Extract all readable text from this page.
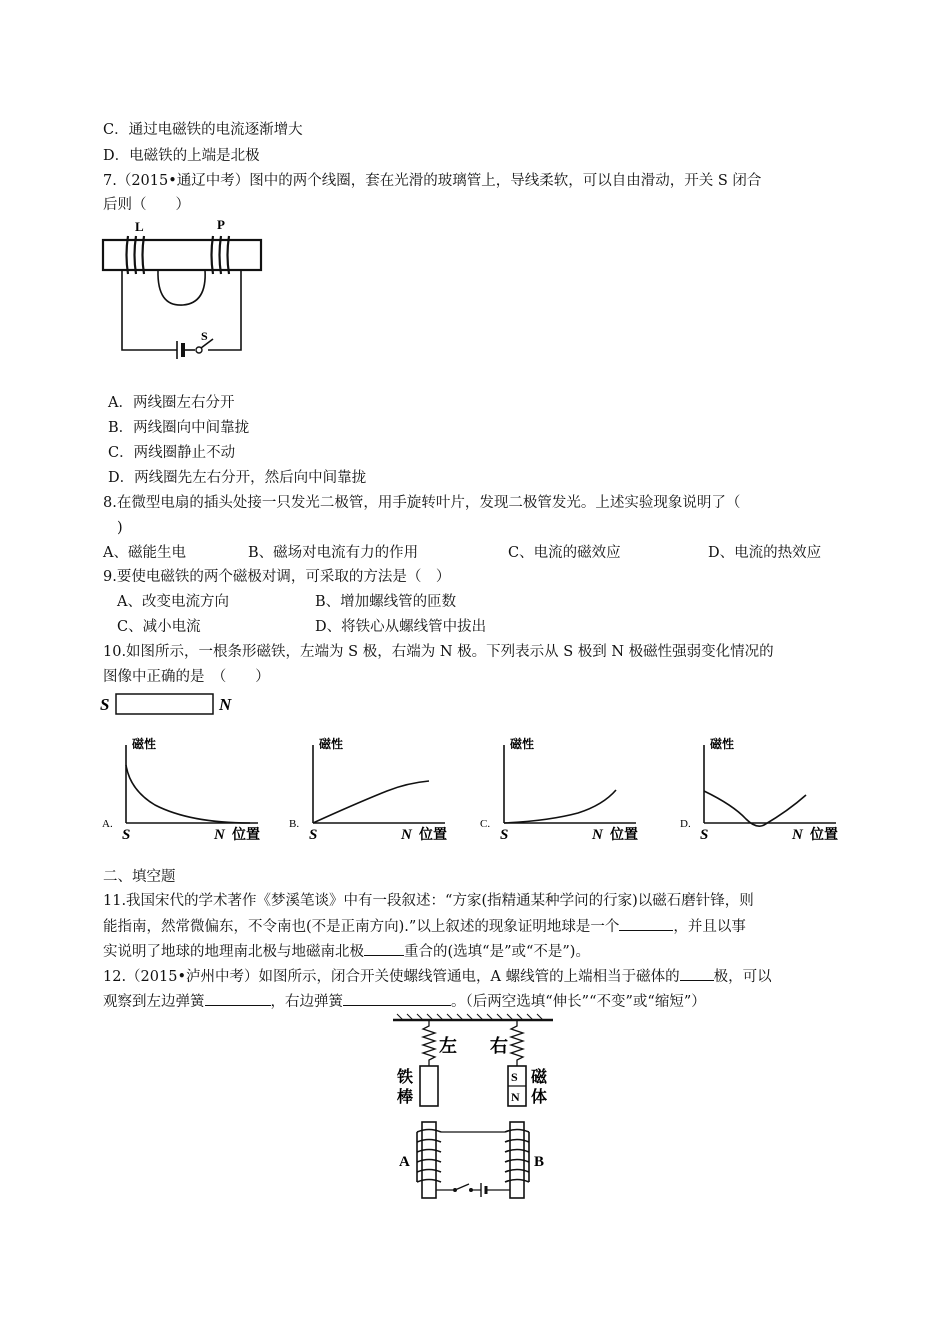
C．通过电磁铁的电流逐渐增大
D．电磁铁的上端是北极
7.（2015•通辽中考）图中的两个线圈，套在光滑的玻璃管上，导线柔软，可以自由滑动，开关 S 闭合
后则（　　）
L	P
S
A．两线圈左右分开
B．两线圈向中间靠拢
C．两线圈静止不动
D．两线圈先左右分开，然后向中间靠拢
8.在微型电扇的插头处接一只发光二极管，用手旋转叶片，发现二极管发光。上述实验现象说明了（
)
A、磁能生电	B、磁场对电流有力的作用	C、电流的磁效应	D、电流的热效应
9.要使电磁铁的两个磁极对调，可采取的方法是（　）
A、改变电流方向	B、增加螺线管的匝数
C、减小电流	D、将铁心从螺线管中拔出
10.如图所示，一根条形磁铁，左端为 S 极，右端为 N 极。下列表示从 S 极到 N 极磁性强弱变化情况的
图像中正确的是　（　　）
S	N
磁性
A.
S	N 位置
磁性
B.
S	N 位置
磁性
C.
S	N 位置
磁性
D.
S	N 位置
二、填空题
11.我国宋代的学术著作《梦溪笔谈》中有一段叙述：“方家(指精通某种学问的行家)以磁石磨针锋，则
能指南，然常微偏东，不令南也(不是正南方向).”以上叙述的现象证明地球是一个	，并且以事
实说明了地球的地理南北极与地磁南北极	重合的(选填“是”或“不是”)。
12.（2015•泸州中考）如图所示，闭合开关使螺线管通电，A 螺线管的上端相当于磁体的 极，可以
观察到左边弹簧	，右边弹簧	。（后两空选填“伸长”“不变”或“缩短”）
左 右
铁
棒
S
N
磁
体
A	B
